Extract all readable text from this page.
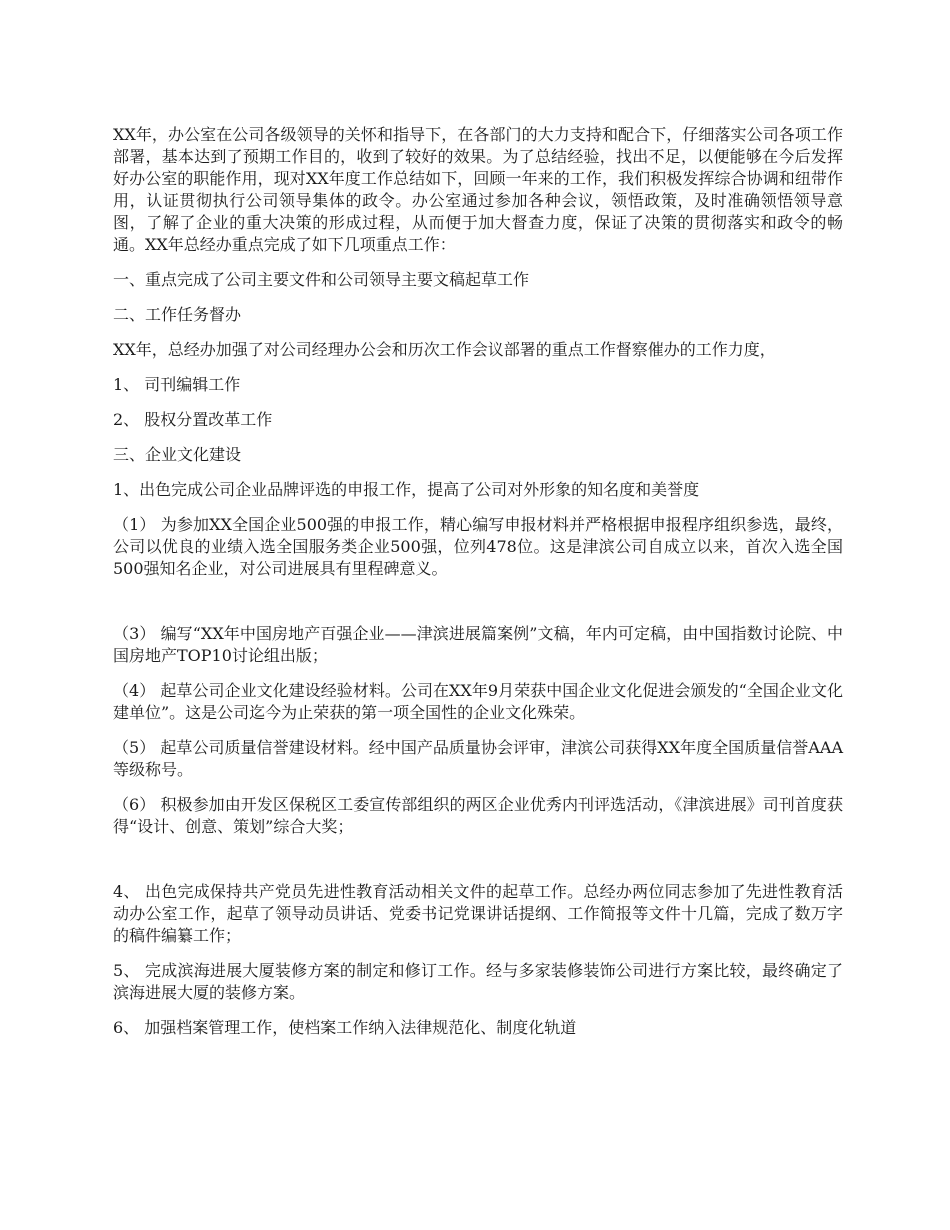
XX年，办公室在公司各级领导的关怀和指导下，在各部门的大力支持和配合下，仔细落实公司各项工作部署，基本达到了预期工作目的，收到了较好的效果。为了总结经验，找出不足，以便能够在今后发挥好办公室的职能作用，现对XX年度工作总结如下，回顾一年来的工作，我们积极发挥综合协调和纽带作用，认证贯彻执行公司领导集体的政令。办公室通过参加各种会议，领悟政策，及时准确领悟领导意图，了解了企业的重大决策的形成过程，从而便于加大督查力度，保证了决策的贯彻落实和政令的畅通。XX年总经办重点完成了如下几项重点工作：

一、重点完成了公司主要文件和公司领导主要文稿起草工作

二、工作任务督办

XX年，总经办加强了对公司经理办公会和历次工作会议部署的重点工作督察催办的工作力度，

1、 司刊编辑工作

2、 股权分置改革工作

三、企业文化建设

1、出色完成公司企业品牌评选的申报工作，提高了公司对外形象的知名度和美誉度

（1） 为参加XX全国企业500强的申报工作，精心编写申报材料并严格根据申报程序组织参选，最终，公司以优良的业绩入选全国服务类企业500强，位列478位。这是津滨公司自成立以来，首次入选全国500强知名企业，对公司进展具有里程碑意义。

（3） 编写“XX年中国房地产百强企业——津滨进展篇案例”文稿，年内可定稿，由中国指数讨论院、中国房地产TOP10讨论组出版；

（4） 起草公司企业文化建设经验材料。公司在XX年9月荣获中国企业文化促进会颁发的“全国企业文化建单位”。这是公司迄今为止荣获的第一项全国性的企业文化殊荣。

（5） 起草公司质量信誉建设材料。经中国产品质量协会评审，津滨公司获得XX年度全国质量信誉AAA等级称号。

（6） 积极参加由开发区保税区工委宣传部组织的两区企业优秀内刊评选活动，《津滨进展》司刊首度获得“设计、创意、策划”综合大奖；

4、 出色完成保持共产党员先进性教育活动相关文件的起草工作。总经办两位同志参加了先进性教育活动办公室工作，起草了领导动员讲话、党委书记党课讲话提纲、工作简报等文件十几篇，完成了数万字的稿件编纂工作；

5、 完成滨海进展大厦装修方案的制定和修订工作。经与多家装修装饰公司进行方案比较，最终确定了滨海进展大厦的装修方案。

6、 加强档案管理工作，使档案工作纳入法律规范化、制度化轨道
